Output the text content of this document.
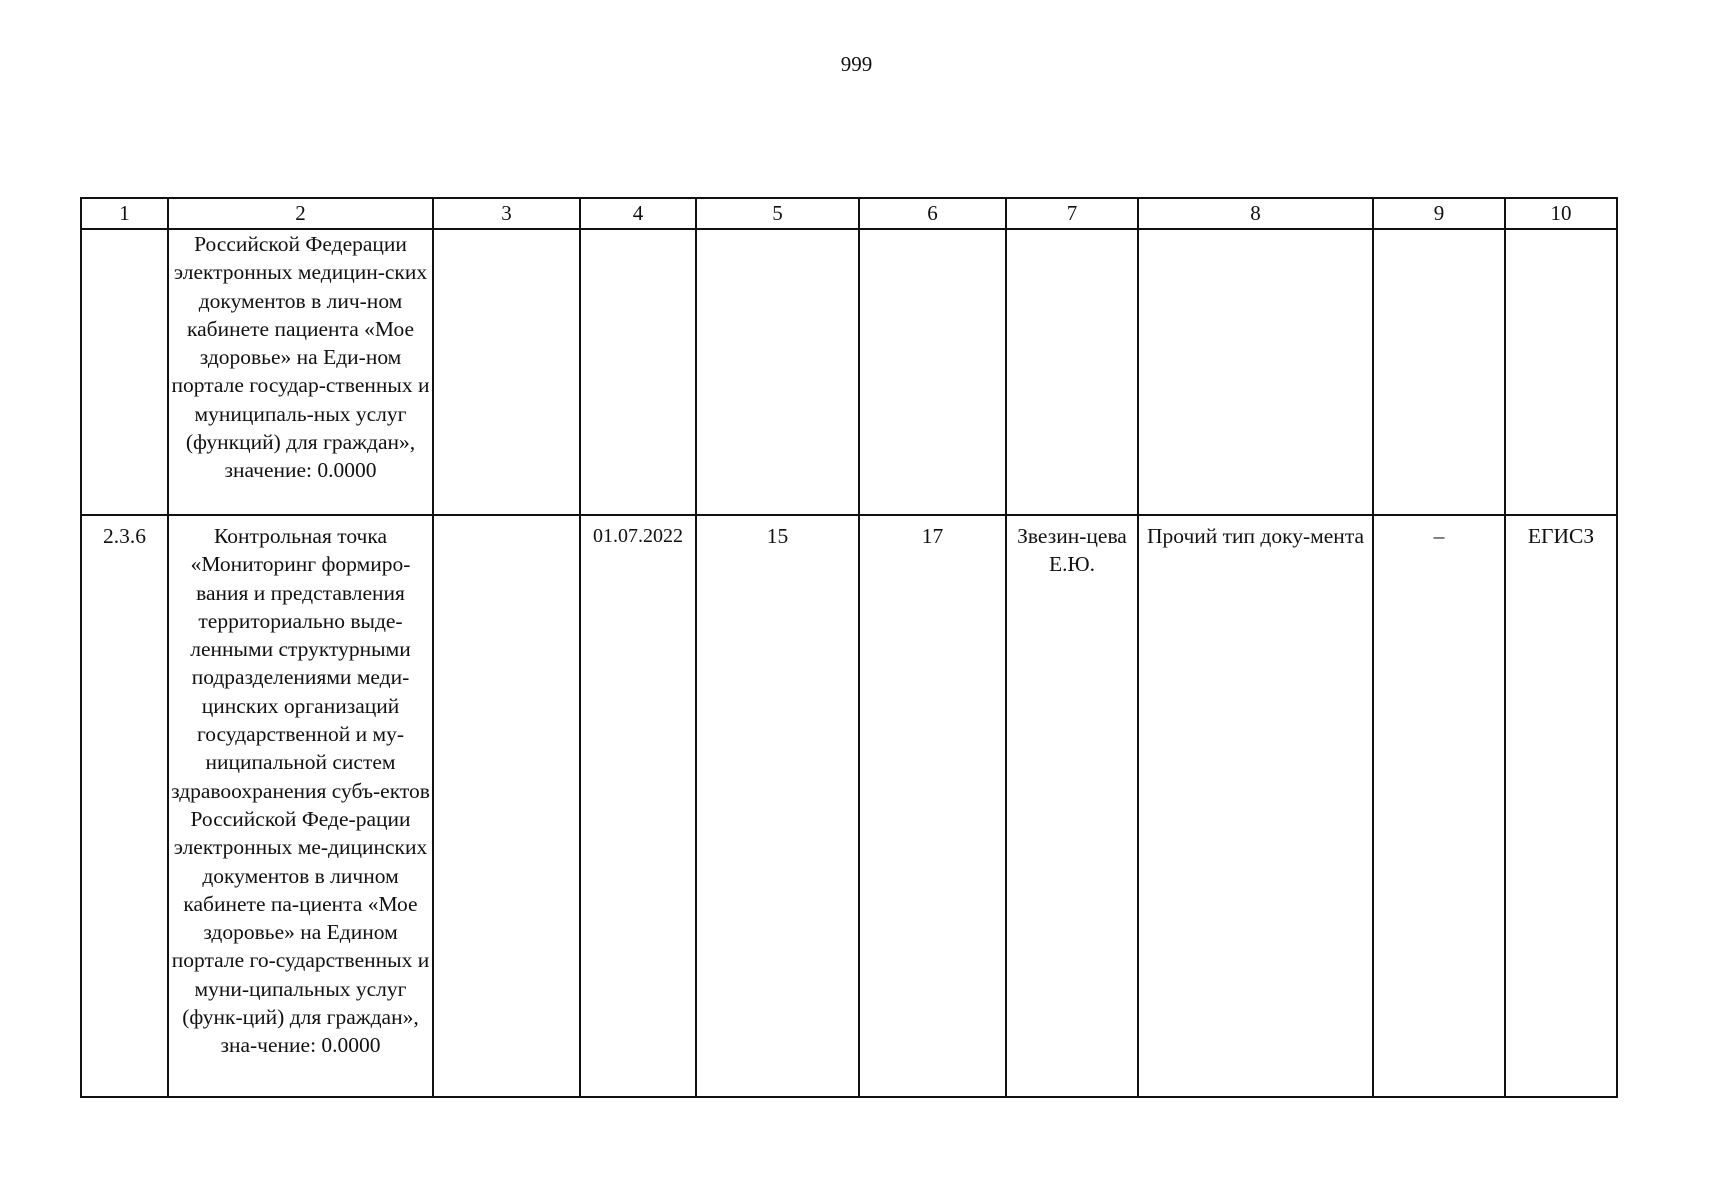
999
1	2	3	4	5	6	7	8	9	10
	Российской Федерации электронных медицин-ских документов в лич-ном кабинете пациента «Мое здоровье» на Еди-ном портале государ-ственных и муниципаль-ных услуг (функций) для граждан», значение: 0.0000								
2.3.6	Контрольная точка «Мониторинг формиро-вания и представления территориально выде-ленными структурными подразделениями меди-цинских организаций государственной и му-ниципальной систем здравоохранения субъ-ектов Российской Феде-рации электронных ме-дицинских документов в личном кабинете па-циента «Мое здоровье» на Едином портале го-сударственных и муни-ципальных услуг (функ-ций) для граждан», зна-чение: 0.0000		01.07.2022	15	17	Звезин-цева Е.Ю.	Прочий тип доку-мента	–	ЕГИСЗ
